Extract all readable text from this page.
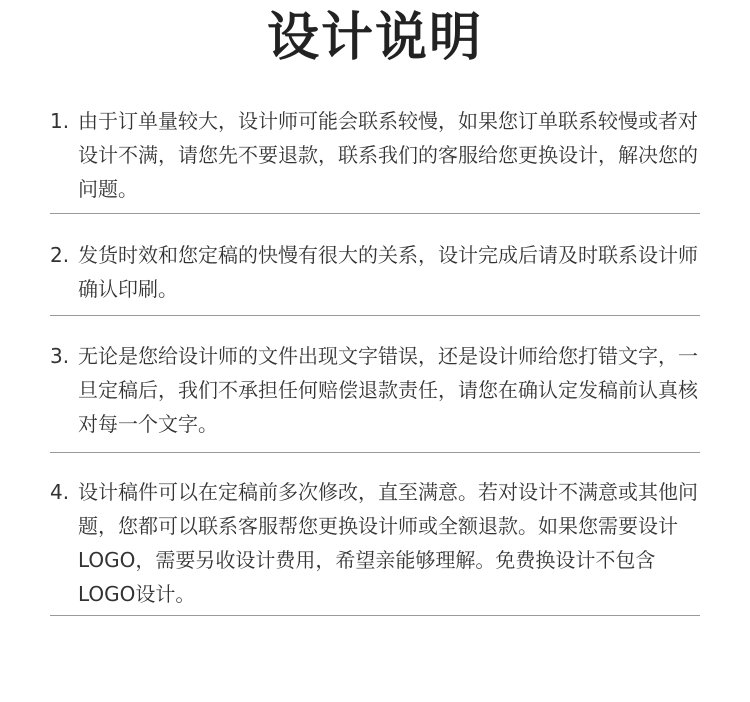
设计说明
1. 由于订单量较大，设计师可能会联系较慢，如果您订单联系较慢或者对设计不满，请您先不要退款，联系我们的客服给您更换设计，解决您的问题。
2. 发货时效和您定稿的快慢有很大的关系，设计完成后请及时联系设计师确认印刷。
3. 无论是您给设计师的文件出现文字错误，还是设计师给您打错文字，一旦定稿后，我们不承担任何赔偿退款责任，请您在确认定发稿前认真核对每一个文字。
4. 设计稿件可以在定稿前多次修改，直至满意。若对设计不满意或其他问题，您都可以联系客服帮您更换设计师或全额退款。如果您需要设计LOGO，需要另收设计费用，希望亲能够理解。免费换设计不包含LOGO设计。
